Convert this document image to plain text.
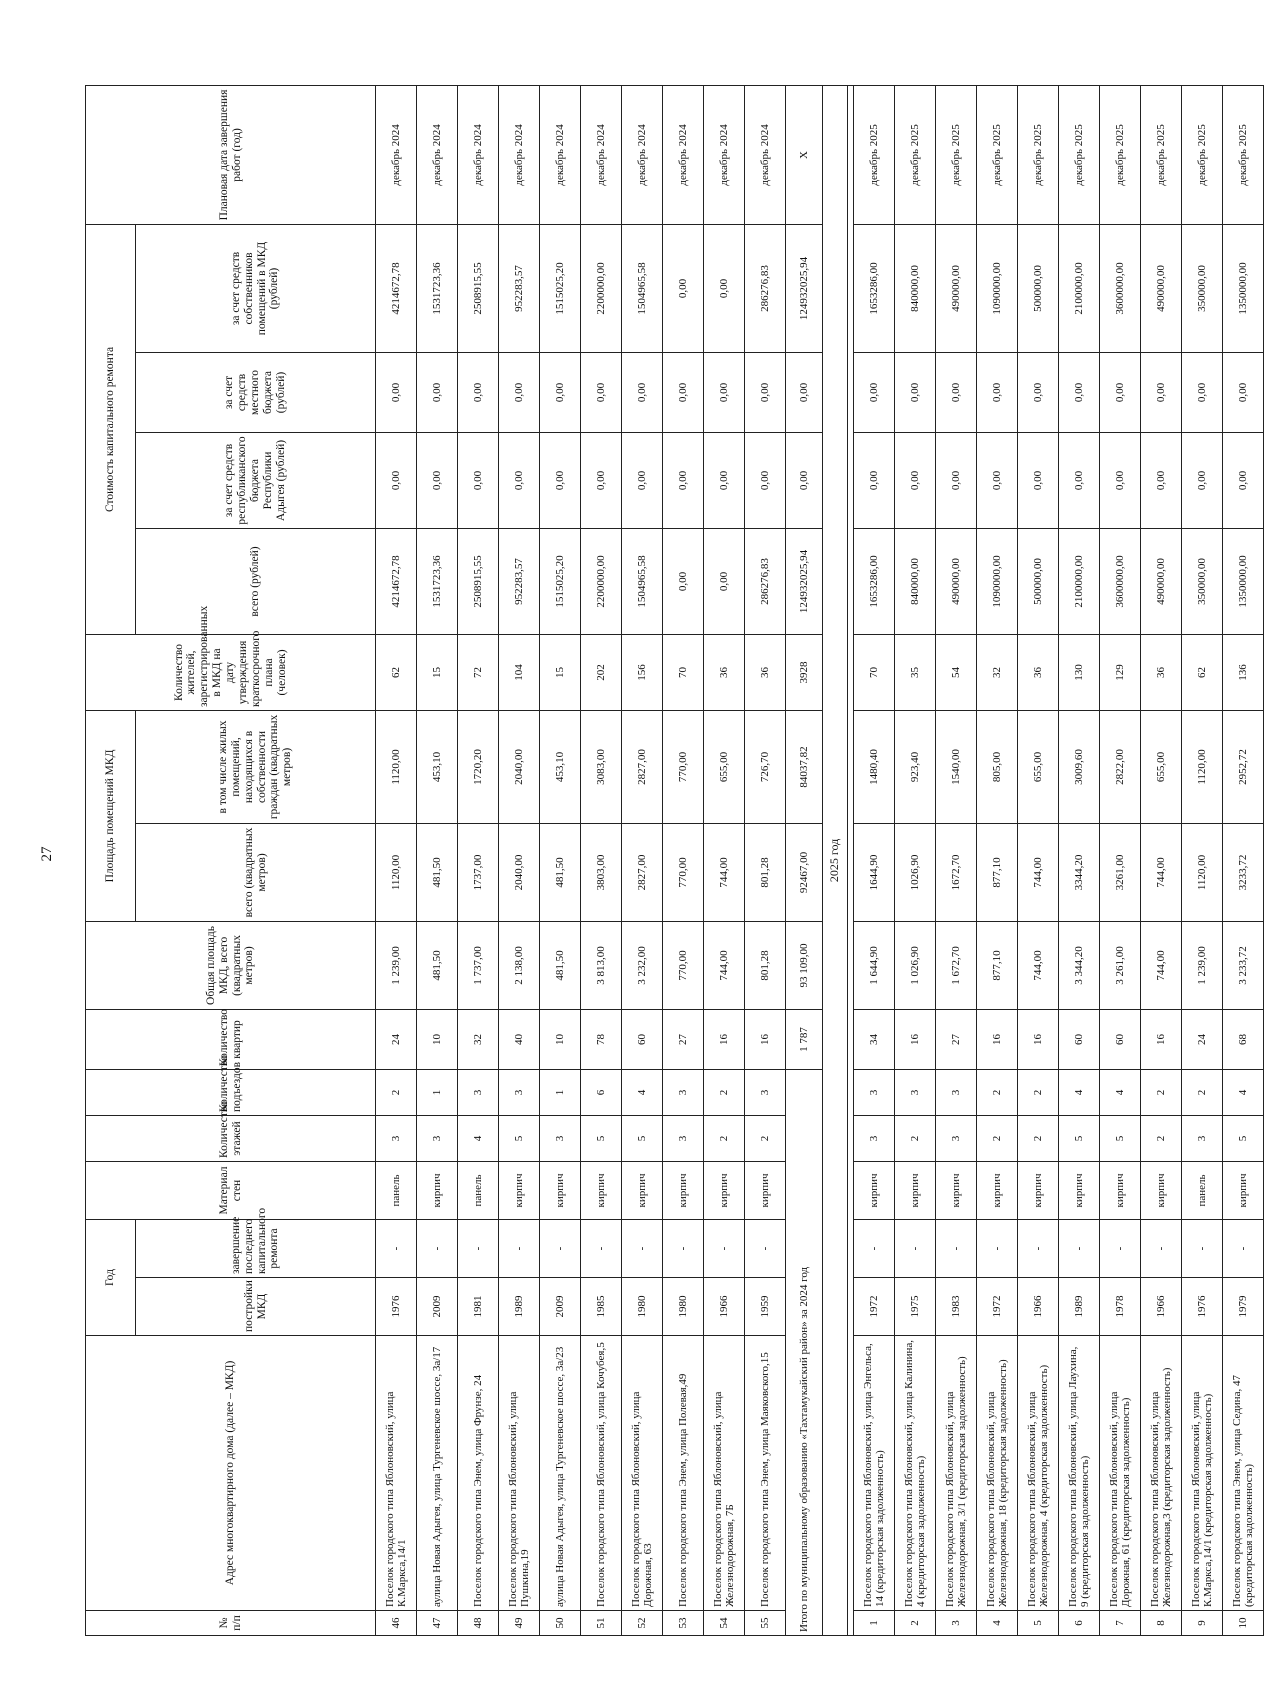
27
№ п/п	Адрес многоквартирного дома (далее – МКД)	Год		Материал стен	Количество этажей	Количество подъездов	Количество квартир	Общая площадь МКД, всего (квадратных метров)	Площадь помещений МКД		Количество жителей, зарегистрированных в МКД на дату утверждения краткосрочного плана (человек)	Стоимость капитального ремонта				Плановая дата завершения работ (год)
		постройки МКД	завершение последнего капитального ремонта						всего (квадратных метров)	в том числе жилых помещений, находящихся в собственности граждан (квадратных метров)		всего (рублей)	за счет средств республиканского бюджета Республики Адыгея (рублей)	за счет средств местного бюджета (рублей)	за счет средств собственников помещений в МКД (рублей)	
46	Поселок городского типа Яблоновский, улица К.Маркса,14/1	1976	-	панель	3	2	24	1 239,00	1120,00	1120,00	62	4214672,78	0,00	0,00	4214672,78	декабрь 2024
47	аулица Новая Адыгея, улица Тургеневское шоссе, 3а/17	2009	-	кирпич	3	1	10	481,50	481,50	453,10	15	1531723,36	0,00	0,00	1531723,36	декабрь 2024
48	Поселок городского типа Энем, улица Фрунзе, 24	1981	-	панель	4	3	32	1 737,00	1737,00	1720,20	72	2508915,55	0,00	0,00	2508915,55	декабрь 2024
49	Поселок городского типа Яблоновский, улица Пушкина,19	1989	-	кирпич	5	3	40	2 138,00	2040,00	2040,00	104	952283,57	0,00	0,00	952283,57	декабрь 2024
50	аулица Новая Адыгея, улица Тургеневское шоссе, 3а/23	2009	-	кирпич	3	1	10	481,50	481,50	453,10	15	1515025,20	0,00	0,00	1515025,20	декабрь 2024
51	Поселок городского типа Яблоновский, улица Кочубея,5	1985	-	кирпич	5	6	78	3 813,00	3803,00	3083,00	202	2200000,00	0,00	0,00	2200000,00	декабрь 2024
52	Поселок городского типа Яблоновский, улица Дорожная, 63	1980	-	кирпич	5	4	60	3 232,00	2827,00	2827,00	156	1504965,58	0,00	0,00	1504965,58	декабрь 2024
53	Поселок городского типа Энем, улица Полевая,49	1980	-	кирпич	3	3	27	770,00	770,00	770,00	70	0,00	0,00	0,00	0,00	декабрь 2024
54	Поселок городского типа Яблоновский, улица Железнодорожная, 7Б	1966	-	кирпич	2	2	16	744,00	744,00	655,00	36	0,00	0,00	0,00	0,00	декабрь 2024
55	Поселок городского типа Энем, улица Маяковского,15	1959	-	кирпич	2	3	16	801,28	801,28	726,70	36	286276,83	0,00	0,00	286276,83	декабрь 2024
Итого по муниципальному образованию «Тахтамукайский район» за 2024 год							1 787	93 109,00	92467,00	84037,82	3928	124932025,94	0,00	0,00	124932025,94	Х
2025 год																

1	Поселок городского типа Яблоновский, улица Энгельса, 14 (кредиторская задолженность)	1972	-	кирпич	3	3	34	1 644,90	1644,90	1480,40	70	1653286,00	0,00	0,00	1653286,00	декабрь 2025
2	Поселок городского типа Яблоновский, улица Калинина, 4 (кредиторская задолженность)	1975	-	кирпич	2	3	16	1 026,90	1026,90	923,40	35	840000,00	0,00	0,00	840000,00	декабрь 2025
3	Поселок городского типа Яблоновский, улица Железнодорожная, 3/1 (кредиторская задолженность)	1983	-	кирпич	3	3	27	1 672,70	1672,70	1540,00	54	490000,00	0,00	0,00	490000,00	декабрь 2025
4	Поселок городского типа Яблоновский, улица Железнодорожная, 18 (кредиторская задолженность)	1972	-	кирпич	2	2	16	877,10	877,10	805,00	32	1090000,00	0,00	0,00	1090000,00	декабрь 2025
5	Поселок городского типа Яблоновский, улица Железнодорожная, 4 (кредиторская задолженность)	1966	-	кирпич	2	2	16	744,00	744,00	655,00	36	500000,00	0,00	0,00	500000,00	декабрь 2025
6	Поселок городского типа Яблоновский, улица Лаухина, 9 (кредиторская задолженность)	1989	-	кирпич	5	4	60	3 344,20	3344,20	3009,60	130	2100000,00	0,00	0,00	2100000,00	декабрь 2025
7	Поселок городского типа Яблоновский, улица Дорожная, 61 (кредиторская задолженность)	1978	-	кирпич	5	4	60	3 261,00	3261,00	2822,00	129	3600000,00	0,00	0,00	3600000,00	декабрь 2025
8	Поселок городского типа Яблоновский, улица Железнодорожная,3 (кредиторская задолженность)	1966	-	кирпич	2	2	16	744,00	744,00	655,00	36	490000,00	0,00	0,00	490000,00	декабрь 2025
9	Поселок городского типа Яблоновский, улица К.Маркса,14/1 (кредиторская задолженность)	1976	-	панель	3	2	24	1 239,00	1120,00	1120,00	62	350000,00	0,00	0,00	350000,00	декабрь 2025
10	Поселок городского типа Энем, улица Седина, 47 (кредиторская задолженность)	1979	-	кирпич	5	4	68	3 233,72	3233,72	2952,72	136	1350000,00	0,00	0,00	1350000,00	декабрь 2025
